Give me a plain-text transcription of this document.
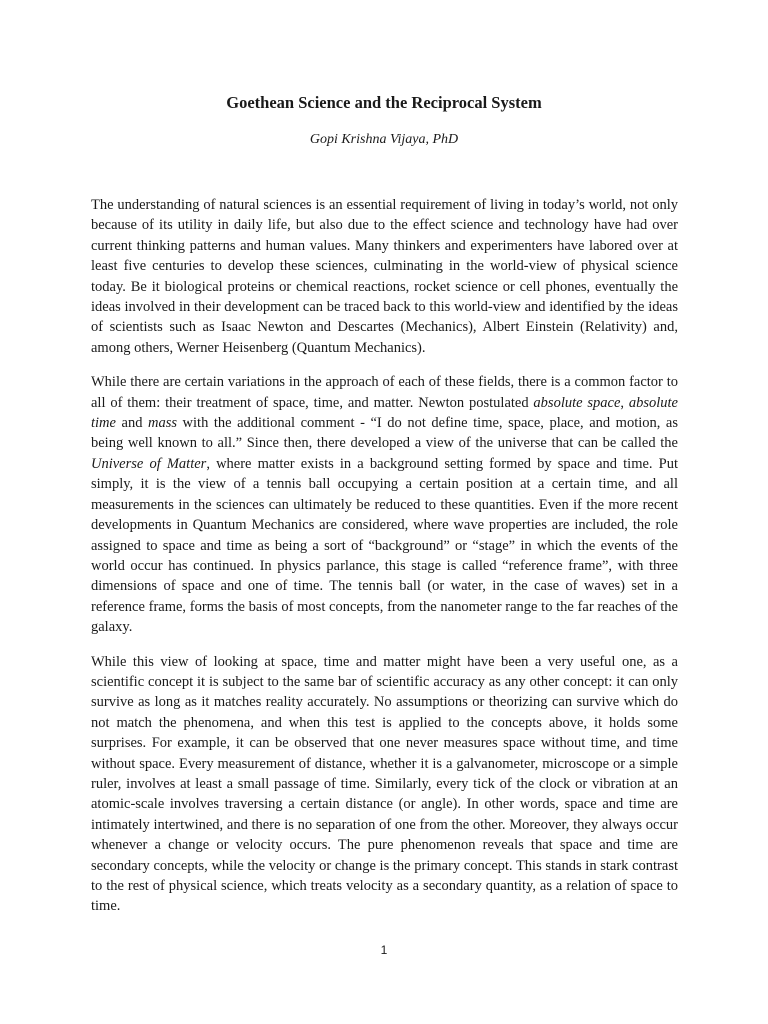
Goethean Science and the Reciprocal System
Gopi Krishna Vijaya, PhD

The understanding of natural sciences is an essential requirement of living in today’s world, not only because of its utility in daily life, but also due to the effect science and technology have had over current thinking patterns and human values. Many thinkers and experimenters have labored over at least five centuries to develop these sciences, culminating in the world-view of physical science today. Be it biological proteins or chemical reactions, rocket science or cell phones, eventually the ideas involved in their development can be traced back to this world-view and identified by the ideas of scientists such as Isaac Newton and Descartes (Mechanics), Albert Einstein (Relativity) and, among others, Werner Heisenberg (Quantum Mechanics).

While there are certain variations in the approach of each of these fields, there is a common factor to all of them: their treatment of space, time, and matter. Newton postulated absolute space, absolute time and mass with the additional comment - “I do not define time, space, place, and motion, as being well known to all.” Since then, there developed a view of the universe that can be called the Universe of Matter, where matter exists in a background setting formed by space and time. Put simply, it is the view of a tennis ball occupying a certain position at a certain time, and all measurements in the sciences can ultimately be reduced to these quantities. Even if the more recent developments in Quantum Mechanics are considered, where wave properties are included, the role assigned to space and time as being a sort of “background” or “stage” in which the events of the world occur has continued. In physics parlance, this stage is called “reference frame”, with three dimensions of space and one of time. The tennis ball (or water, in the case of waves) set in a reference frame, forms the basis of most concepts, from the nanometer range to the far reaches of the galaxy.

While this view of looking at space, time and matter might have been a very useful one, as a scientific concept it is subject to the same bar of scientific accuracy as any other concept: it can only survive as long as it matches reality accurately. No assumptions or theorizing can survive which do not match the phenomena, and when this test is applied to the concepts above, it holds some surprises. For example, it can be observed that one never measures space without time, and time without space. Every measurement of distance, whether it is a galvanometer, microscope or a simple ruler, involves at least a small passage of time. Similarly, every tick of the clock or vibration at an atomic-scale involves traversing a certain distance (or angle). In other words, space and time are intimately intertwined, and there is no separation of one from the other. Moreover, they always occur whenever a change or velocity occurs. The pure phenomenon reveals that space and time are secondary concepts, while the velocity or change is the primary concept. This stands in stark contrast to the rest of physical science, which treats velocity as a secondary quantity, as a relation of space to time.

1
